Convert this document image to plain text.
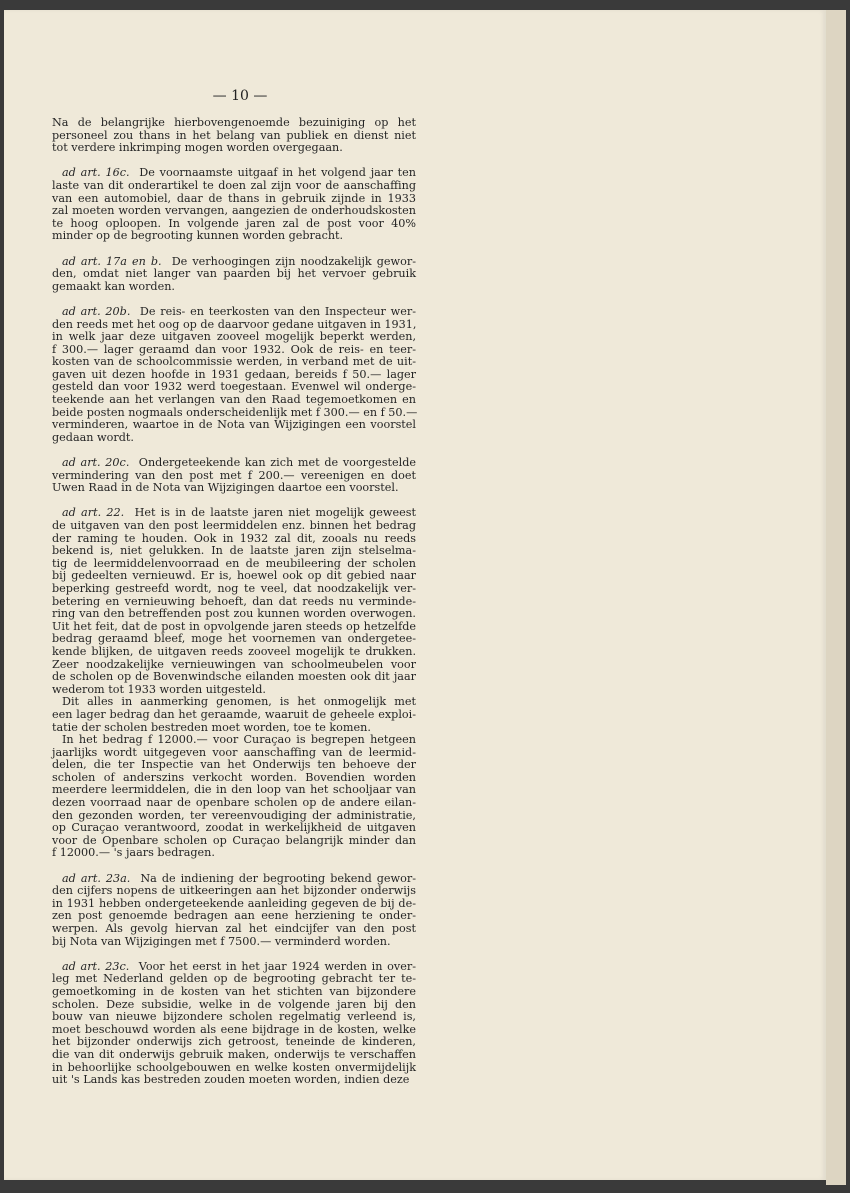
— 10 —
Na de belangrijke hierbovengenoemde bezuiniging op het
personeel zou thans in het belang van publiek en dienst niet
tot verdere inkrimping mogen worden overgegaan.
ad art. 16c. De voornaamste uitgaaf in het volgend jaar ten
laste van dit onderartikel te doen zal zijn voor de aanschaffing
van een automobiel, daar de thans in gebruik zijnde in 1933
zal moeten worden vervangen, aangezien de onderhoudskosten
te hoog oploopen. In volgende jaren zal de post voor 40%
minder op de begrooting kunnen worden gebracht.
ad art. 17a en b. De verhoogingen zijn noodzakelijk gewor-
den, omdat niet langer van paarden bij het vervoer gebruik
gemaakt kan worden.
ad art. 20b. De reis- en teerkosten van den Inspecteur wer-
den reeds met het oog op de daarvoor gedane uitgaven in 1931,
in welk jaar deze uitgaven zooveel mogelijk beperkt werden,
f 300.— lager geraamd dan voor 1932. Ook de reis- en teer-
kosten van de schoolcommissie werden, in verband met de uit-
gaven uit dezen hoofde in 1931 gedaan, bereids f 50.— lager
gesteld dan voor 1932 werd toegestaan. Evenwel wil onderge-
teekende aan het verlangen van den Raad tegemoetkomen en
beide posten nogmaals onderscheidenlijk met f 300.— en f 50.—
verminderen, waartoe in de Nota van Wijzigingen een voorstel
gedaan wordt.
ad art. 20c. Ondergeteekende kan zich met de voorgestelde
vermindering van den post met f 200.— vereenigen en doet
Uwen Raad in de Nota van Wijzigingen daartoe een voorstel.
ad art. 22. Het is in de laatste jaren niet mogelijk geweest
de uitgaven van den post leermiddelen enz. binnen het bedrag
der raming te houden. Ook in 1932 zal dit, zooals nu reeds
bekend is, niet gelukken. In de laatste jaren zijn stelselma-
tig de leermiddelenvoorraad en de meubileering der scholen
bij gedeelten vernieuwd. Er is, hoewel ook op dit gebied naar
beperking gestreefd wordt, nog te veel, dat noodzakelijk ver-
betering en vernieuwing behoeft, dan dat reeds nu verminde-
ring van den betreffenden post zou kunnen worden overwogen.
Uit het feit, dat de post in opvolgende jaren steeds op hetzelfde
bedrag geraamd bleef, moge het voornemen van ondergetee-
kende blijken, de uitgaven reeds zooveel mogelijk te drukken.
Zeer noodzakelijke vernieuwingen van schoolmeubelen voor
de scholen op de Bovenwindsche eilanden moesten ook dit jaar
wederom tot 1933 worden uitgesteld.
Dit alles in aanmerking genomen, is het onmogelijk met
een lager bedrag dan het geraamde, waaruit de geheele exploi-
tatie der scholen bestreden moet worden, toe te komen.
In het bedrag f 12000.— voor Curaçao is begrepen hetgeen
jaarlijks wordt uitgegeven voor aanschaffing van de leermid-
delen, die ter Inspectie van het Onderwijs ten behoeve der
scholen of anderszins verkocht worden. Bovendien worden
meerdere leermiddelen, die in den loop van het schooljaar van
dezen voorraad naar de openbare scholen op de andere eilan-
den gezonden worden, ter vereenvoudiging der administratie,
op Curaçao verantwoord, zoodat in werkelijkheid de uitgaven
voor de Openbare scholen op Curaçao belangrijk minder dan
f 12000.— 's jaars bedragen.
ad art. 23a. Na de indiening der begrooting bekend gewor-
den cijfers nopens de uitkeeringen aan het bijzonder onderwijs
in 1931 hebben ondergeteekende aanleiding gegeven de bij de-
zen post genoemde bedragen aan eene herziening te onder-
werpen. Als gevolg hiervan zal het eindcijfer van den post
bij Nota van Wijzigingen met f 7500.— verminderd worden.
ad art. 23c. Voor het eerst in het jaar 1924 werden in over-
leg met Nederland gelden op de begrooting gebracht ter te-
gemoetkoming in de kosten van het stichten van bijzondere
scholen. Deze subsidie, welke in de volgende jaren bij den
bouw van nieuwe bijzondere scholen regelmatig verleend is,
moet beschouwd worden als eene bijdrage in de kosten, welke
het bijzonder onderwijs zich getroost, teneinde de kinderen,
die van dit onderwijs gebruik maken, onderwijs te verschaffen
in behoorlijke schoolgebouwen en welke kosten onvermijdelijk
uit 's Lands kas bestreden zouden moeten worden, indien deze
